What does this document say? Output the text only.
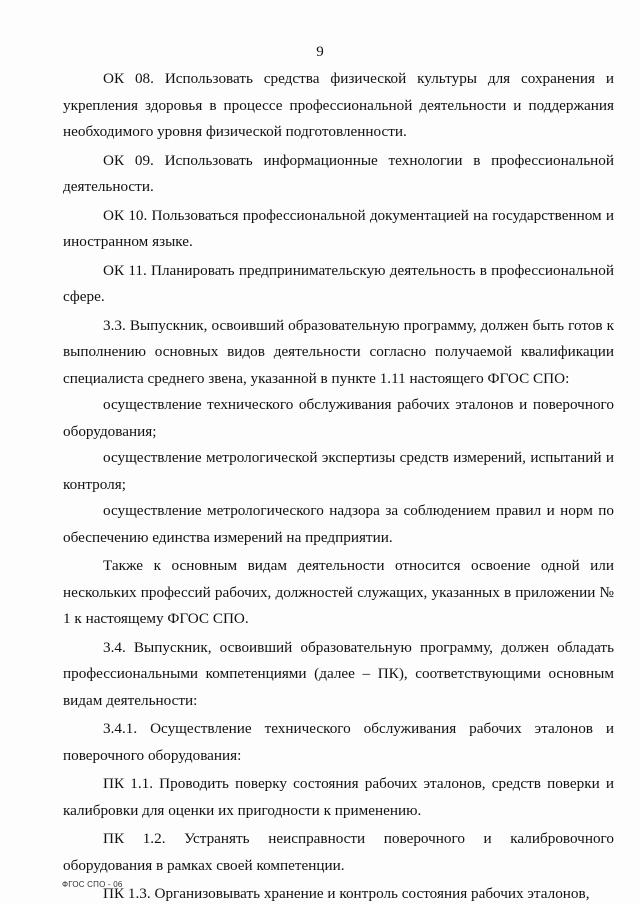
9

ОК 08. Использовать средства физической культуры для сохранения и укрепления здоровья в процессе профессиональной деятельности и поддержания необходимого уровня физической подготовленности.

ОК 09. Использовать информационные технологии в профессиональной деятельности.

ОК 10. Пользоваться профессиональной документацией на государственном и иностранном языке.

ОК 11. Планировать предпринимательскую деятельность в профессиональной сфере.

3.3. Выпускник, освоивший образовательную программу, должен быть готов к выполнению основных видов деятельности согласно получаемой квалификации специалиста среднего звена, указанной в пункте 1.11 настоящего ФГОС СПО:

осуществление технического обслуживания рабочих эталонов и поверочного оборудования;

осуществление метрологической экспертизы средств измерений, испытаний и контроля;

осуществление метрологического надзора за соблюдением правил и норм по обеспечению единства измерений на предприятии.

Также к основным видам деятельности относится освоение одной или нескольких профессий рабочих, должностей служащих, указанных в приложении № 1 к настоящему ФГОС СПО.

3.4. Выпускник, освоивший образовательную программу, должен обладать профессиональными компетенциями (далее – ПК), соответствующими основным видам деятельности:

3.4.1. Осуществление технического обслуживания рабочих эталонов и поверочного оборудования:

ПК 1.1. Проводить поверку состояния рабочих эталонов, средств поверки и калибровки для оценки их пригодности к применению.

ПК 1.2. Устранять неисправности поверочного и калибровочного оборудования в рамках своей компетенции.

ПК 1.3. Организовывать хранение и контроль состояния рабочих эталонов,

ФГОС СПО - 06
